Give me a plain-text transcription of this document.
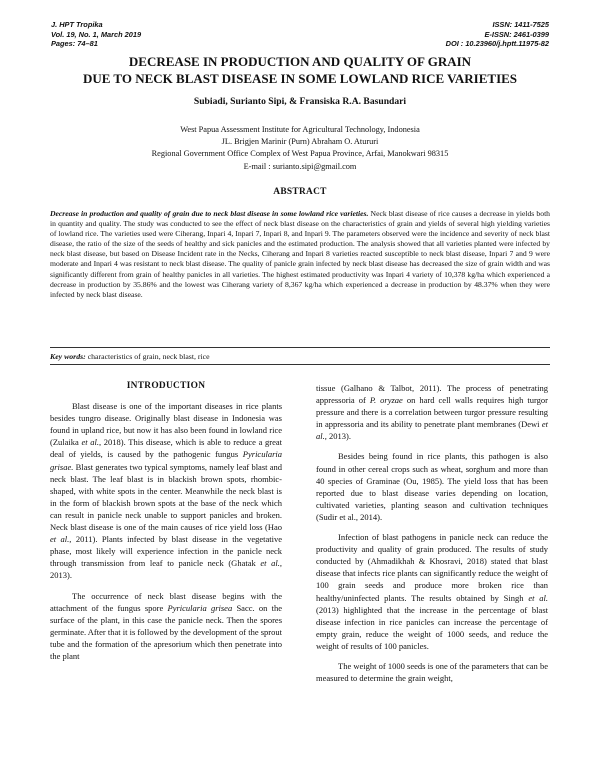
J. HPT Tropika
Vol. 19, No. 1, March 2019
Pages: 74–81
ISSN: 1411-7525
E-ISSN: 2461-0399
DOI : 10.23960/j.hptt.11975-82
DECREASE IN PRODUCTION AND QUALITY OF GRAIN
DUE TO NECK BLAST DISEASE IN SOME LOWLAND RICE VARIETIES
Subiadi, Surianto Sipi, & Fransiska R.A. Basundari
West Papua Assessment Institute for Agricultural Technology, Indonesia
JL. Brigjen Marinir (Purn) Abraham O. Atururi
Regional Government Office Complex of West Papua Province, Arfai, Manokwari 98315
E-mail : surianto.sipi@gmail.com
ABSTRACT
Decrease in production and quality of grain due to neck blast disease in some lowland rice varieties. Neck blast disease of rice causes a decrease in yields both in quantity and quality. The study was conducted to see the effect of neck blast disease on the characteristics of grain and yields of several high yielding varieties of lowland rice. The varieties used were Ciherang, Inpari 4, Inpari 7, Inpari 8, and Inpari 9. The parameters observed were the incidence and severity of neck blast disease, the ratio of the size of the seeds of healthy and sick panicles and the estimated production. The analysis showed that all varieties planted were infected by neck blast disease, but based on Disease Incident rate in the Necks, Ciherang and Inpari 8 varieties reacted susceptible to neck blast disease, Inpari 7 and 9 were moderate and Inpari 4 was resistant to neck blast disease. The quality of panicle grain infected by neck blast disease has decreased the size of grain width and was significantly different from grain of healthy panicles in all varieties. The highest estimated productivity was Inpari 4 variety of 10,378 kg/ha which experienced a decrease in production by 35.86% and the lowest was Ciherang variety of 8,367 kg/ha which experienced a decrease in production by 48.37% when they were infected by neck blast disease.
Key words: characteristics of grain, neck blast, rice
INTRODUCTION

Blast disease is one of the important diseases in rice plants besides tungro disease. Originally blast disease in Indonesia was found in upland rice, but now it has also been found in lowland rice (Zulaika et al., 2018). This disease, which is able to reduce a great deal of yields, is caused by the pathogenic fungus Pyricularia grisae. Blast generates two typical symptoms, namely leaf blast and neck blast. The leaf blast is in blackish brown spots, rhombic-shaped, with white spots in the center. Meanwhile the neck blast is in the form of blackish brown spots at the base of the neck which can result in panicle neck unable to support panicles and broken. Neck blast disease is one of the main causes of rice yield loss (Hao et al., 2011). Plants infected by blast disease in the vegetative phase, most likely will experience infection in the panicle neck through transmission from leaf to panicle neck (Ghatak et al., 2013).

The occurrence of neck blast disease begins with the attachment of the fungus spore Pyricularia grisea Sacc. on the surface of the plant, in this case the panicle neck. Then the spores germinate. After that it is followed by the development of the sprout tube and the formation of the apresorium which then penetrate into the plant

tissue (Galhano & Talbot, 2011). The process of penetrating appressoria of P. oryzae on hard cell walls requires high turgor pressure and there is a correlation between turgor pressure resulting in appressoria and its ability to penetrate plant membranes (Dewi et al., 2013).

Besides being found in rice plants, this pathogen is also found in other cereal crops such as wheat, sorghum and more than 40 species of Graminae (Ou, 1985). The yield loss that has been reported due to blast disease varies depending on location, cultivated varieties, planting season and cultivation techniques (Sudir et al., 2014).

Infection of blast pathogens in panicle neck can reduce the productivity and quality of grain produced. The results of study conducted by (Ahmadikhah & Khosravi, 2018) stated that blast disease that infects rice plants can significantly reduce the weight of 100 grain seeds and produce more broken rice than healthy/uninfected plants. The results obtained by Singh et al. (2013) highlighted that the increase in the percentage of blast disease infection in rice panicles can increase the percentage of empty grain, reduce the weight of 1000 seeds, and reduce the weight of results of 100 panicles.

The weight of 1000 seeds is one of the parameters that can be measured to determine the grain weight,
